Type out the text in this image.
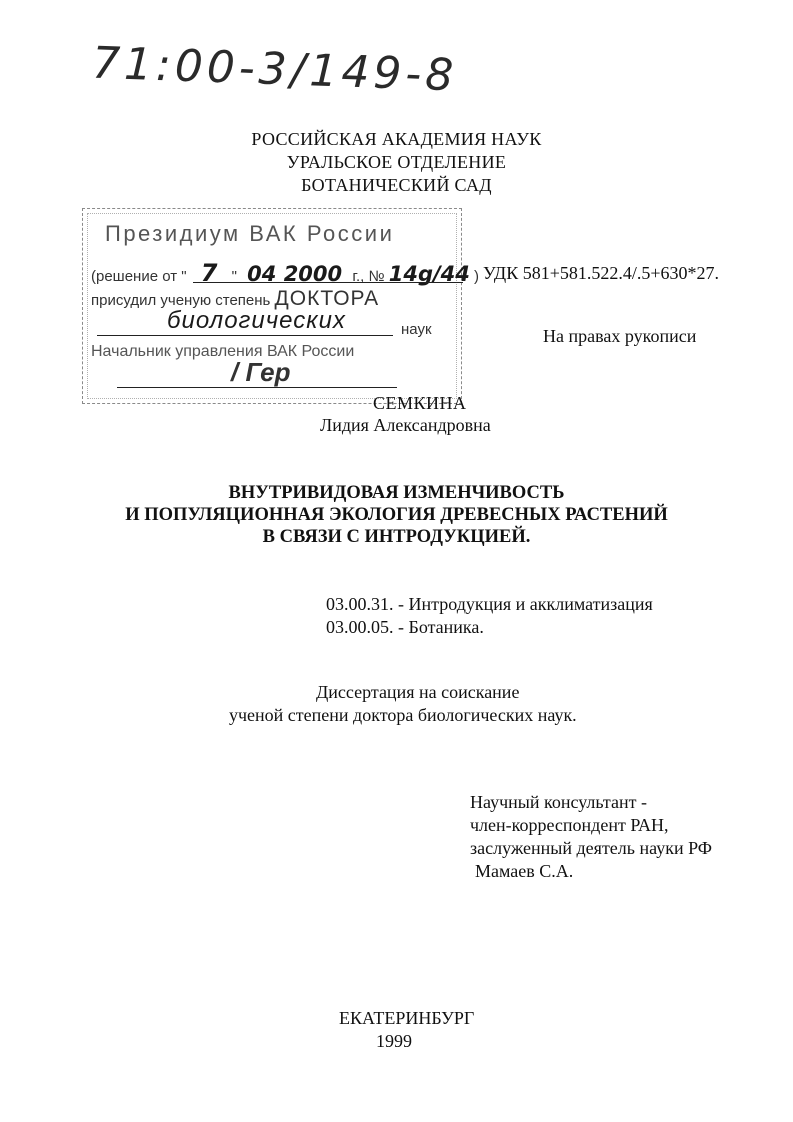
71:00-3/149-8
РОССИЙСКАЯ АКАДЕМИЯ НАУК
УРАЛЬСКОЕ ОТДЕЛЕНИЕ
БОТАНИЧЕСКИЙ САД
Президиум ВАК России
(решение от " 7 " 04 2000 г., № 14g/44 )
присудил ученую степень ДОКТОРА
биологических	наук
Начальник управления ВАК России
/ Гер
УДК 581+581.522.4/.5+630*27.
На правах рукописи
СЕМКИНА
Лидия Александровна
ВНУТРИВИДОВАЯ ИЗМЕНЧИВОСТЬ
И ПОПУЛЯЦИОННАЯ ЭКОЛОГИЯ ДРЕВЕСНЫХ РАСТЕНИЙ
В СВЯЗИ С ИНТРОДУКЦИЕЙ.
03.00.31. - Интродукция и акклиматизация
03.00.05. - Ботаника.
Диссертация на соискание
ученой степени доктора биологических наук.
Научный консультант -
член-корреспондент РАН,
заслуженный деятель науки РФ
Мамаев С.А.
ЕКАТЕРИНБУРГ
1999
